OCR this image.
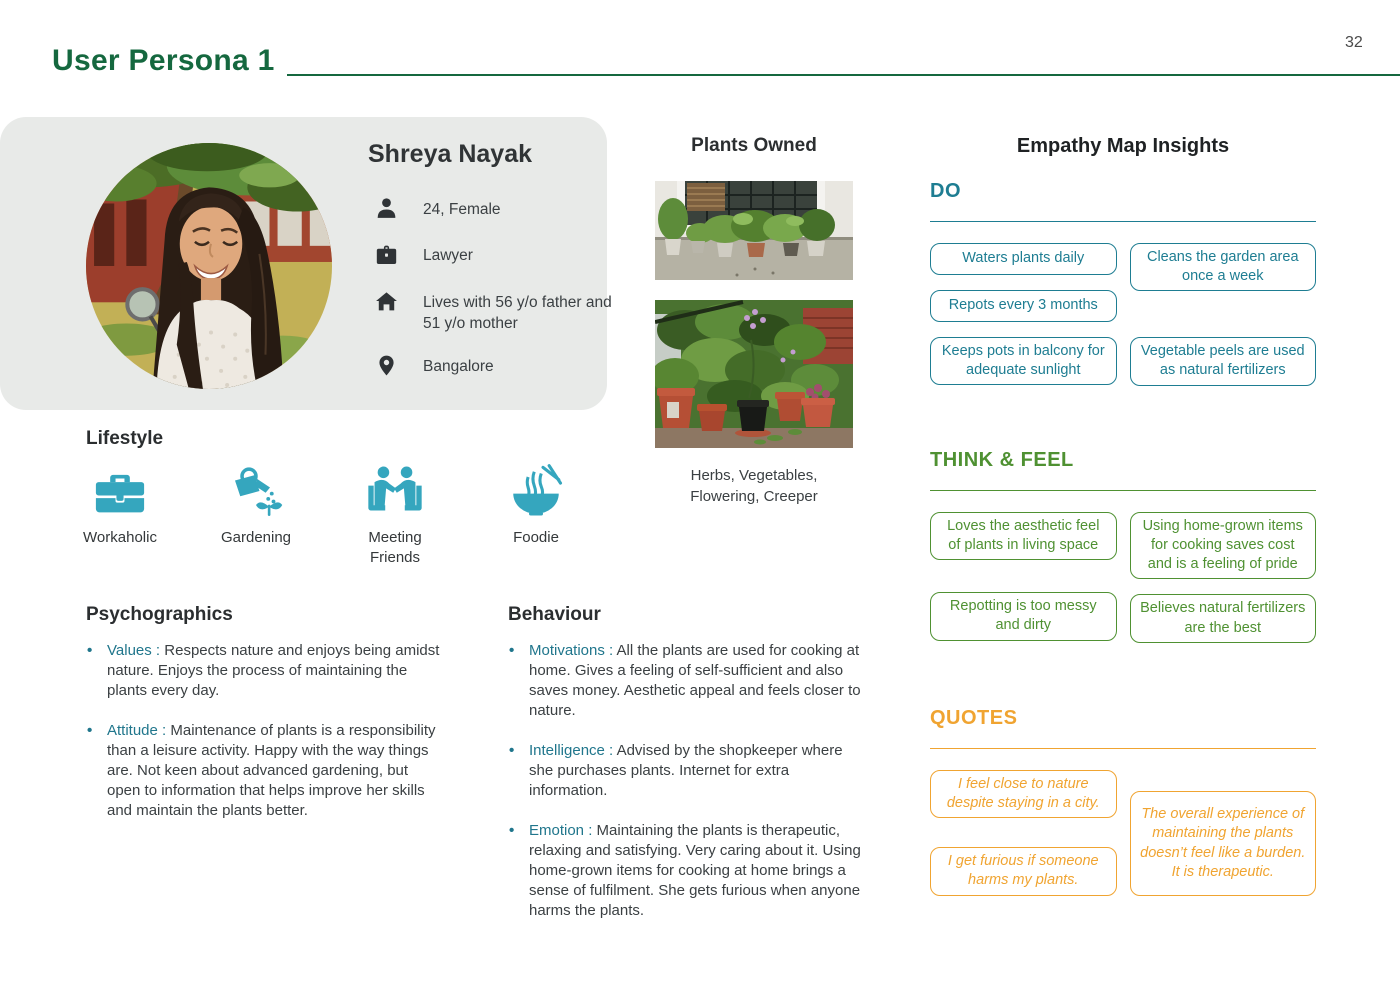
User Persona 1
32
Shreya Nayak
24, Female
Lawyer
Lives with 56 y/o father and 51 y/o mother
Bangalore
Lifestyle
Workaholic	Gardening	Meeting Friends
Foodie
Psychographics
• Values : Respects nature and enjoys being amidst nature. Enjoys the process of maintaining the plants every day.
• Attitude : Maintenance of plants is a responsibility than a leisure activity. Happy with the way things are. Not keen about advanced gardening, but open to information that helps improve her skills and maintain the plants better.
Behaviour
• Motivations : All the plants are used for cooking at home. Gives a feeling of self-sufficient and also saves money. Aesthetic appeal and feels closer to nature.
• Intelligence : Advised by the shopkeeper where she purchases plants. Internet for extra information.
• Emotion : Maintaining the plants is therapeutic, relaxing and satisfying. Very caring about it. Using home-grown items for cooking at home brings a sense of fulfilment. She gets furious when anyone harms the plants.
Plants Owned
Herbs, Vegetables, Flowering, Creeper
Empathy Map Insights
DO
Waters plants daily
Repots every 3 months
Keeps pots in balcony for adequate sunlight
Cleans the garden area once a week
Vegetable peels are used as natural fertilizers
THINK & FEEL
Loves the aesthetic feel of plants in living space
Repotting is too messy and dirty
Using home-grown items for cooking saves cost and is a feeling of pride
Believes natural fertilizers are the best
QUOTES
I feel close to nature despite staying in a city.
I get furious if someone harms my plants.
The overall experience of maintaining the plants doesn’t feel like a burden. It is therapeutic.
